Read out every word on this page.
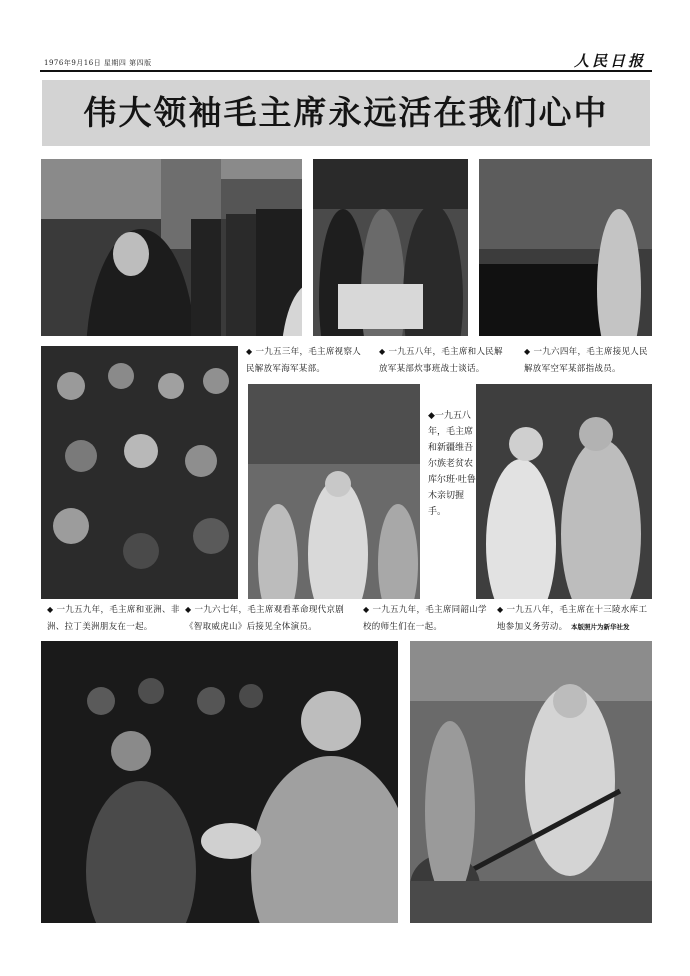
1976年9月16日 星期四 第四版	人民日报
伟大领袖毛主席永远活在我们心中
◆ 一九五三年，毛主席视察人民解放军海军某部。
◆ 一九五八年，毛主席和人民解放军某部炊事班战士谈话。
◆ 一九六四年，毛主席接见人民解放军空军某部指战员。
◆一九五八年，毛主席和新疆维吾尔族老贫农库尔班·吐鲁木亲切握手。
◆ 一九五九年，毛主席和亚洲、非洲、拉丁美洲朋友在一起。
◆ 一九六七年，毛主席观看革命现代京剧《智取威虎山》后接见全体演员。
◆ 一九五九年，毛主席同韶山学校的师生们在一起。
◆ 一九五八年，毛主席在十三陵水库工地参加义务劳动。 本版照片为新华社发
